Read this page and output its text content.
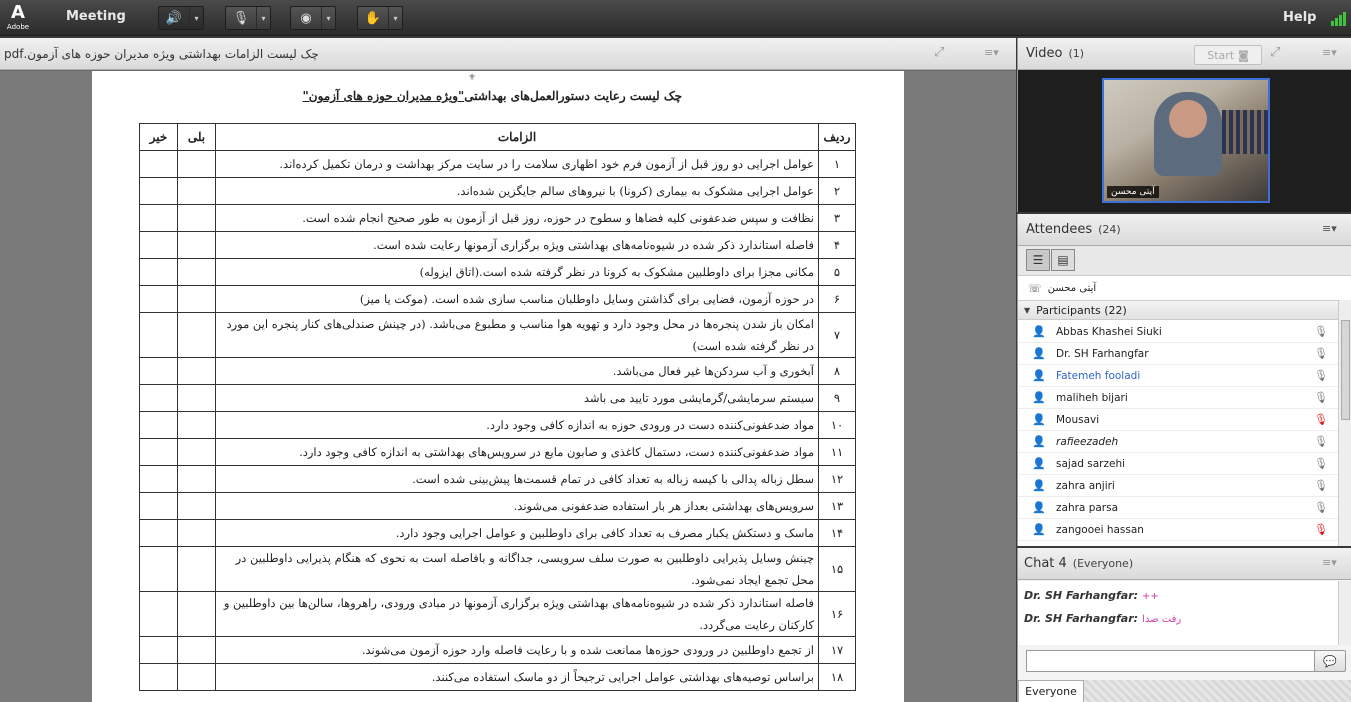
A
Adobe
Meeting	🔊	▾	🎙	▾	◉	▾	✋	▾	Help
چک لیست الزامات بهداشتی ویژه مدیران حوزه های آزمون.pdf	⤢	≡▾
⚜
چک لیست رعایت دستورالعمل‌های بهداشتی"ویژه مدیران حوزه های آزمون"
ردیف	الزامات	بلی	خیر
۱	عوامل اجرایی دو روز قبل از آزمون فرم خود اظهاری سلامت را در سایت مرکز بهداشت و درمان تکمیل کرده‌اند.		
۲	عوامل اجرایی مشکوک به بیماری (کرونا) با نیروهای سالم جایگزین شده‌اند.		
۳	نظافت و سپس ضدعفونی کلیه فضاها و سطوح در حوزه، روز قبل از آزمون به طور صحیح انجام شده است.		
۴	فاصله استاندارد ذکر شده در شیوه‌نامه‌های بهداشتی ویژه برگزاری آزمونها رعایت شده است.		
۵	مکانی مجزا برای داوطلبین مشکوک به کرونا در نظر گرفته شده است.(اتاق ایزوله)		
۶	در حوزه آزمون، فضایی برای گذاشتن وسایل داوطلبان مناسب سازی شده است. (موکت یا میز)		
۷	امکان باز شدن پنجره‌ها در محل وجود دارد و تهویه هوا مناسب و مطبوع می‌باشد. (در چینش صندلی‌های کنار پنجره این مورد در نظر گرفته شده است)		
۸	آبخوری و آب سردکن‌ها غیر فعال می‌باشد.		
۹	سیستم سرمایشی/گرمایشی مورد تایید می باشد		
۱۰	مواد ضدعفونی‌کننده دست در ورودی حوزه به اندازه کافی وجود دارد.		
۱۱	مواد ضدعفونی‌کننده دست، دستمال کاغذی و صابون مایع در سرویس‌های بهداشتی به اندازه کافی وجود دارد.		
۱۲	سطل زباله پدالی با کیسه زباله به تعداد کافی در تمام قسمت‌ها پیش‌بینی شده است.		
۱۳	سرویس‌های بهداشتی بعداز هر بار استفاده ضدعفونی می‌شوند.		
۱۴	ماسک و دستکش یکبار مصرف به تعداد کافی برای داوطلبین و عوامل اجرایی وجود دارد.		
۱۵	چینش وسایل پذیرایی داوطلبین به صورت سلف سرویسی، جداگانه و بافاصله است به نحوی که هنگام پذیرایی داوطلبین در محل تجمع ایجاد نمی‌شود.		
۱۶	فاصله استاندارد ذکر شده در شیوه‌نامه‌های بهداشتی ویژه برگزاری آزمونها در مبادی ورودی، راهروها، سالن‌ها بین داوطلبین و کارکنان رعایت می‌گردد.		
۱۷	از تجمع داوطلبین در ورودی حوزه‌ها ممانعت شده و با رعایت فاصله وارد حوزه آزمون می‌شوند.		
۱۸	براساس توصیه‌های بهداشتی عوامل اجرایی ترجیحاً از دو ماسک استفاده می‌کنند.		
Video (1)	Start ◙ ⤢	≡▾
آیتی محسن
Attendees (24)	≡▾
☰	▤
☏ آیتی محسن
▼ Participants (22)
👤 Abbas Khashei Siuki	🎙
👤 Dr. SH Farhangfar	🎙
👤 Fatemeh fooladi	🎙
👤 maliheh bijari	🎙
👤 Mousavi	🎙
👤 rafieezadeh	🎙
👤 sajad sarzehi	🎙
👤 zahra anjiri	🎙
👤 zahra parsa	🎙
👤 zangooei hassan	🎙
Chat 4 (Everyone)	≡▾
Dr. SH Farhangfar: ++
Dr. SH Farhangfar: رفت صدا
💬
Everyone
